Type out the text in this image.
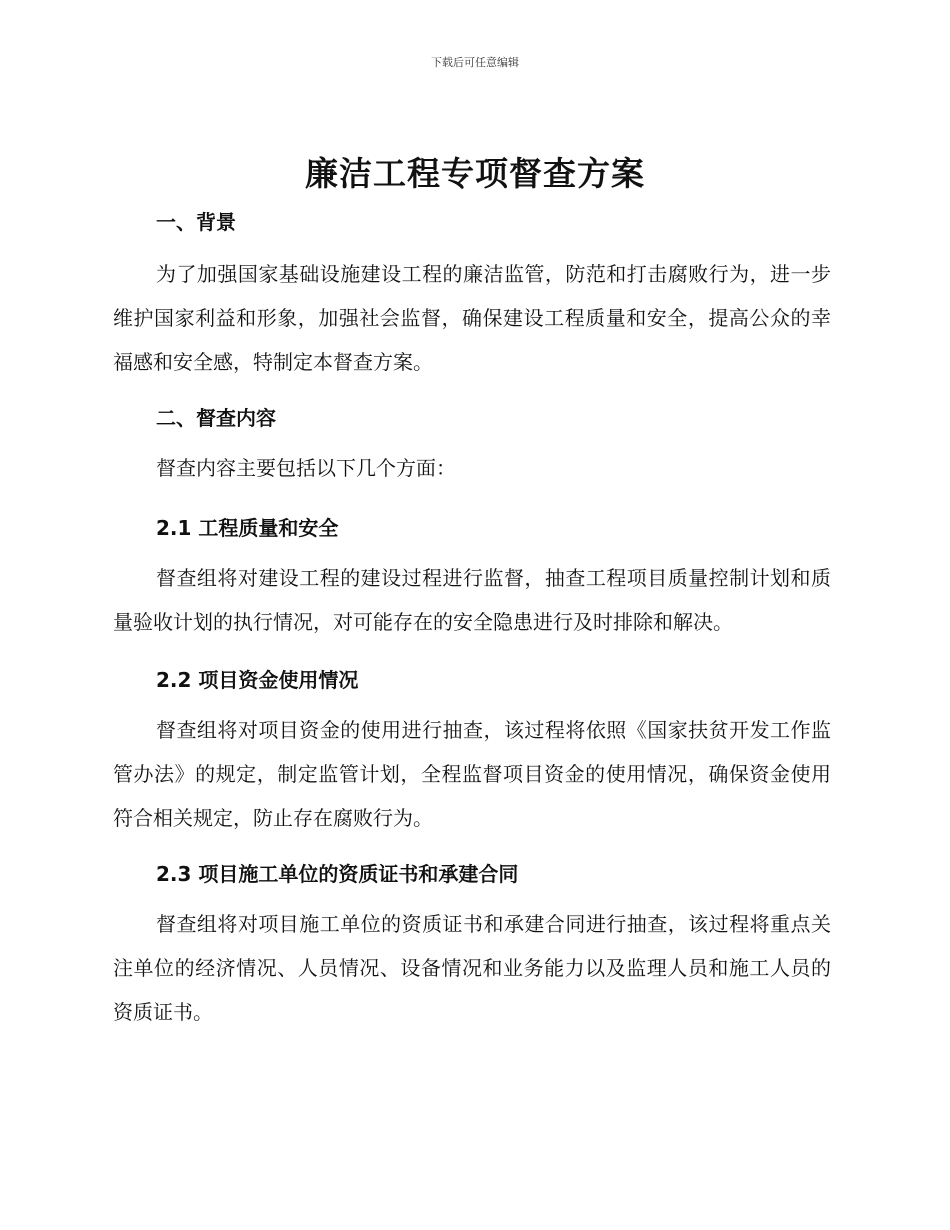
下载后可任意编辑
廉洁工程专项督查方案
一、背景

为了加强国家基础设施建设工程的廉洁监管，防范和打击腐败行为，进一步维护国家利益和形象，加强社会监督，确保建设工程质量和安全，提高公众的幸福感和安全感，特制定本督查方案。

二、督查内容

督查内容主要包括以下几个方面：

2.1 工程质量和安全

督查组将对建设工程的建设过程进行监督，抽查工程项目质量控制计划和质量验收计划的执行情况，对可能存在的安全隐患进行及时排除和解决。

2.2 项目资金使用情况

督查组将对项目资金的使用进行抽查，该过程将依照《国家扶贫开发工作监管办法》的规定，制定监管计划，全程监督项目资金的使用情况，确保资金使用符合相关规定，防止存在腐败行为。

2.3 项目施工单位的资质证书和承建合同

督查组将对项目施工单位的资质证书和承建合同进行抽查，该过程将重点关注单位的经济情况、人员情况、设备情况和业务能力以及监理人员和施工人员的资质证书。
